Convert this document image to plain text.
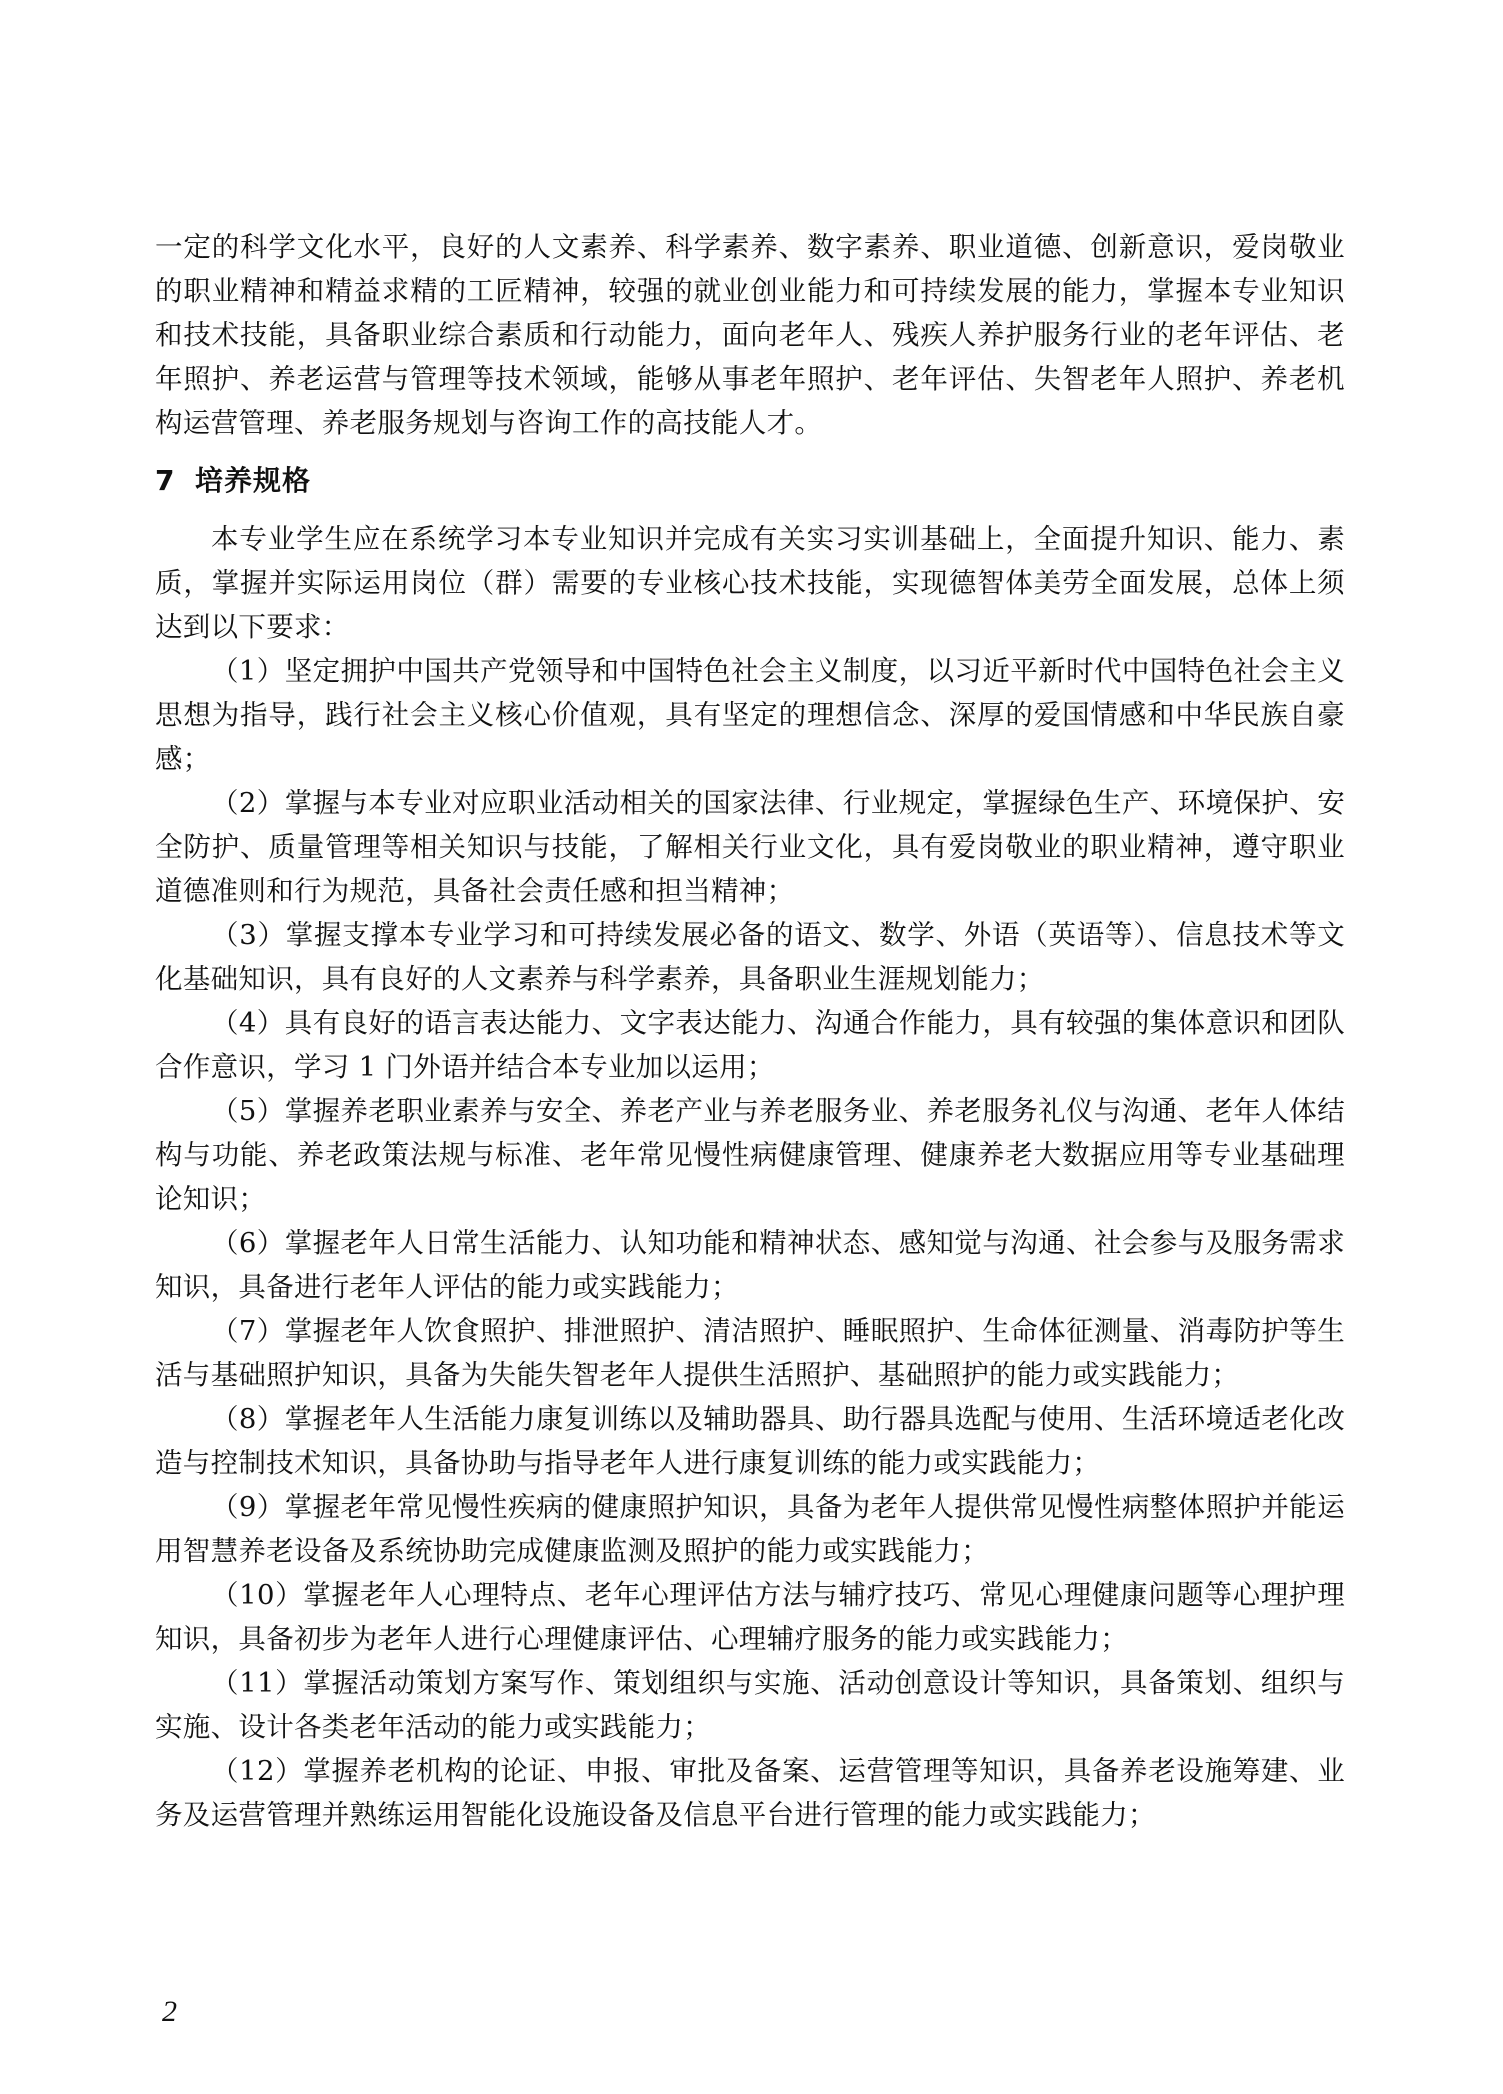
一定的科学文化水平，良好的人文素养、科学素养、数字素养、职业道德、创新意识，爱岗敬业的职业精神和精益求精的工匠精神，较强的就业创业能力和可持续发展的能力，掌握本专业知识和技术技能，具备职业综合素质和行动能力，面向老年人、残疾人养护服务行业的老年评估、老年照护、养老运营与管理等技术领域，能够从事老年照护、老年评估、失智老年人照护、养老机构运营管理、养老服务规划与咨询工作的高技能人才。

7 培养规格

本专业学生应在系统学习本专业知识并完成有关实习实训基础上，全面提升知识、能力、素质，掌握并实际运用岗位（群）需要的专业核心技术技能，实现德智体美劳全面发展，总体上须达到以下要求：

（1）坚定拥护中国共产党领导和中国特色社会主义制度，以习近平新时代中国特色社会主义思想为指导，践行社会主义核心价值观，具有坚定的理想信念、深厚的爱国情感和中华民族自豪感；

（2）掌握与本专业对应职业活动相关的国家法律、行业规定，掌握绿色生产、环境保护、安全防护、质量管理等相关知识与技能，了解相关行业文化，具有爱岗敬业的职业精神，遵守职业道德准则和行为规范，具备社会责任感和担当精神；

（3）掌握支撑本专业学习和可持续发展必备的语文、数学、外语（英语等）、信息技术等文化基础知识，具有良好的人文素养与科学素养，具备职业生涯规划能力；

（4）具有良好的语言表达能力、文字表达能力、沟通合作能力，具有较强的集体意识和团队合作意识，学习 1 门外语并结合本专业加以运用；

（5）掌握养老职业素养与安全、养老产业与养老服务业、养老服务礼仪与沟通、老年人体结构与功能、养老政策法规与标准、老年常见慢性病健康管理、健康养老大数据应用等专业基础理论知识；

（6）掌握老年人日常生活能力、认知功能和精神状态、感知觉与沟通、社会参与及服务需求知识，具备进行老年人评估的能力或实践能力；

（7）掌握老年人饮食照护、排泄照护、清洁照护、睡眠照护、生命体征测量、消毒防护等生活与基础照护知识，具备为失能失智老年人提供生活照护、基础照护的能力或实践能力；

（8）掌握老年人生活能力康复训练以及辅助器具、助行器具选配与使用、生活环境适老化改造与控制技术知识，具备协助与指导老年人进行康复训练的能力或实践能力；

（9）掌握老年常见慢性疾病的健康照护知识，具备为老年人提供常见慢性病整体照护并能运用智慧养老设备及系统协助完成健康监测及照护的能力或实践能力；

（10）掌握老年人心理特点、老年心理评估方法与辅疗技巧、常见心理健康问题等心理护理知识，具备初步为老年人进行心理健康评估、心理辅疗服务的能力或实践能力；

（11）掌握活动策划方案写作、策划组织与实施、活动创意设计等知识，具备策划、组织与实施、设计各类老年活动的能力或实践能力；

（12）掌握养老机构的论证、申报、审批及备案、运营管理等知识，具备养老设施筹建、业务及运营管理并熟练运用智能化设施设备及信息平台进行管理的能力或实践能力；

2
